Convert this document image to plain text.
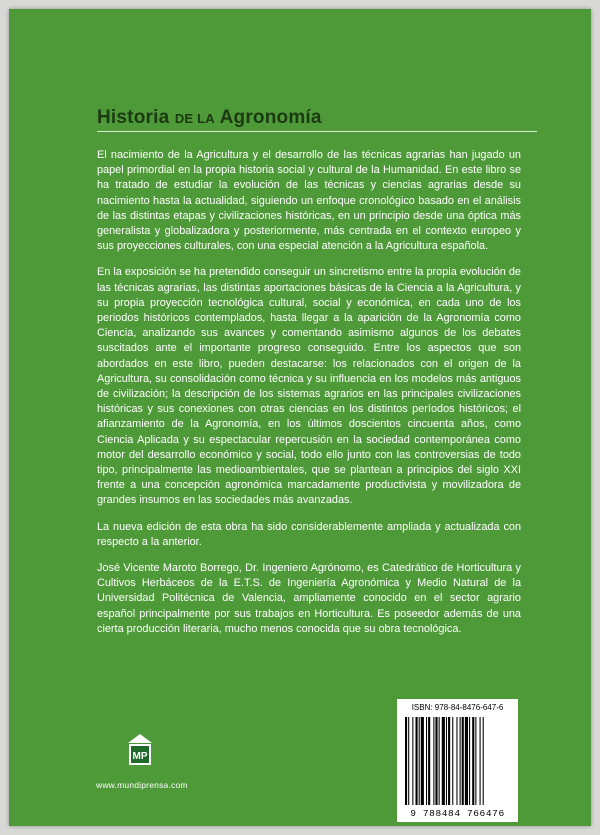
Historia DE LA Agronomía

El nacimiento de la Agricultura y el desarrollo de las técnicas agrarias han jugado un papel primordial en la propia historia social y cultural de la Humanidad. En este libro se ha tratado de estudiar la evolución de las técnicas y ciencias agrarias desde su nacimiento hasta la actualidad, siguiendo un enfoque cronológico basado en el análisis de las distintas etapas y civilizaciones históricas, en un principio desde una óptica más generalista y globalizadora y posteriormente, más centrada en el contexto europeo y sus proyecciones culturales, con una especial atención a la Agricultura española.

En la exposición se ha pretendido conseguir un sincretismo entre la propia evolución de las técnicas agrarias, las distintas aportaciones básicas de la Ciencia a la Agricultura, y su propia proyección tecnológica cultural, social y económica, en cada uno de los periodos históricos contemplados, hasta llegar a la aparición de la Agronomía como Ciencia, analizando sus avances y comentando asimismo algunos de los debates suscitados ante el importante progreso conseguido. Entre los aspectos que son abordados en este libro, pueden destacarse: los relacionados con el origen de la Agricultura, su consolidación como técnica y su influencia en los modelos más antiguos de civilización; la descripción de los sistemas agrarios en las principales civilizaciones históricas y sus conexiones con otras ciencias en los distintos períodos históricos; el afianzamiento de la Agronomía, en los últimos doscientos cincuenta años, como Ciencia Aplicada y su espectacular repercusión en la sociedad contemporánea como motor del desarrollo económico y social, todo ello junto con las controversias de todo tipo, principalmente las medioambientales, que se plantean a principios del siglo XXI frente a una concepción agronómica marcadamente productivista y movilizadora de grandes insumos en las sociedades más avanzadas.

La nueva edición de esta obra ha sido considerablemente ampliada y actualizada con respecto a la anterior.

José Vicente Maroto Borrego, Dr. Ingeniero Agrónomo, es Catedrático de Horticultura y Cultivos Herbáceos de la E.T.S. de Ingeniería Agronómica y Medio Natural de la Universidad Politécnica de Valencia, ampliamente conocido en el sector agrario español principalmente por sus trabajos en Horticultura. Es poseedor además de una cierta producción literaria, mucho menos conocida que su obra tecnológica.

MP
www.mundiprensa.com
ISBN: 978-84-8476-647-6
9 788484 766476
